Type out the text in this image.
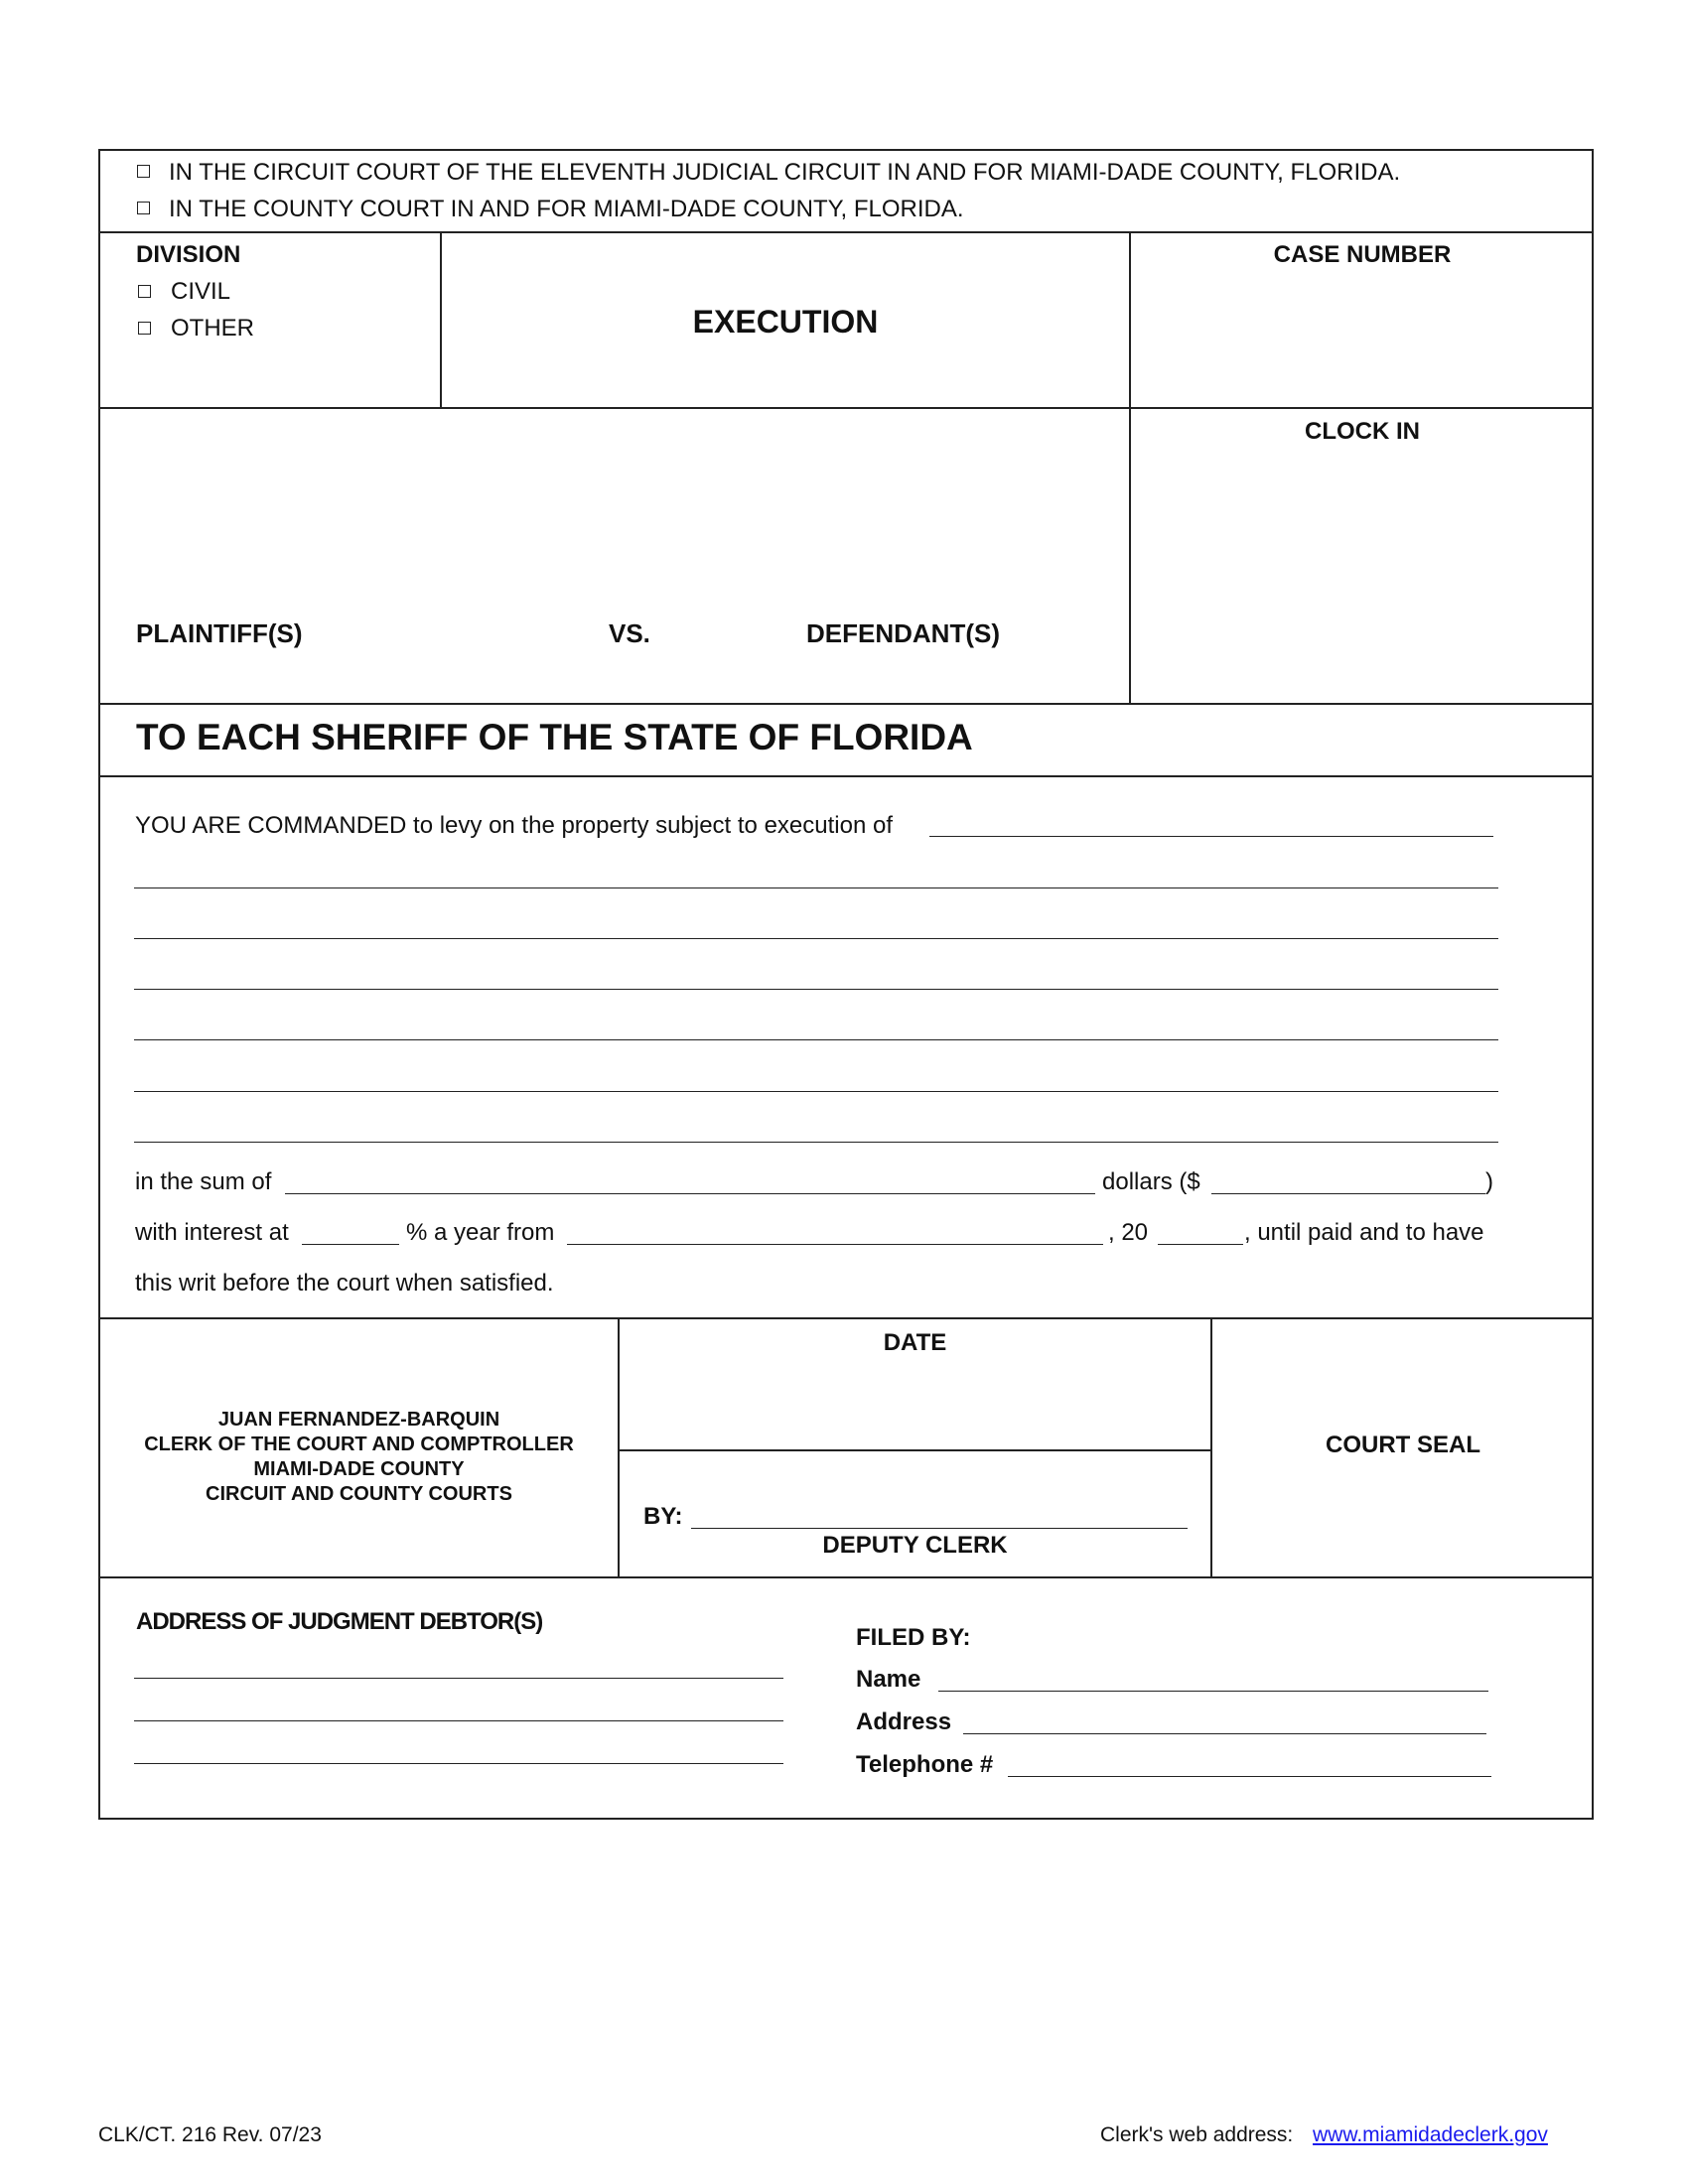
IN THE CIRCUIT COURT OF THE ELEVENTH JUDICIAL CIRCUIT IN AND FOR MIAMI-DADE COUNTY, FLORIDA.
IN THE COUNTY COURT IN AND FOR MIAMI-DADE COUNTY, FLORIDA.
DIVISION
CIVIL
OTHER	EXECUTION
CASE NUMBER
CLOCK IN
PLAINTIFF(S)	VS.	DEFENDANT(S)
TO EACH SHERIFF OF THE STATE OF FLORIDA
YOU ARE COMMANDED to levy on the property subject to execution of
in the sum of	dollars ($	)
with interest at	% a year from	, 20	, until paid and to have
this writ before the court when satisfied.
JUAN FERNANDEZ-BARQUIN
CLERK OF THE COURT AND COMPTROLLER
MIAMI-DADE COUNTY
CIRCUIT AND COUNTY COURTS
DATE
BY:
DEPUTY CLERK
COURT SEAL
ADDRESS OF JUDGMENT DEBTOR(S)
FILED BY:
Name
Address
Telephone #
CLK/CT. 216 Rev. 07/23	Clerk's web address: www.miamidadeclerk.gov
